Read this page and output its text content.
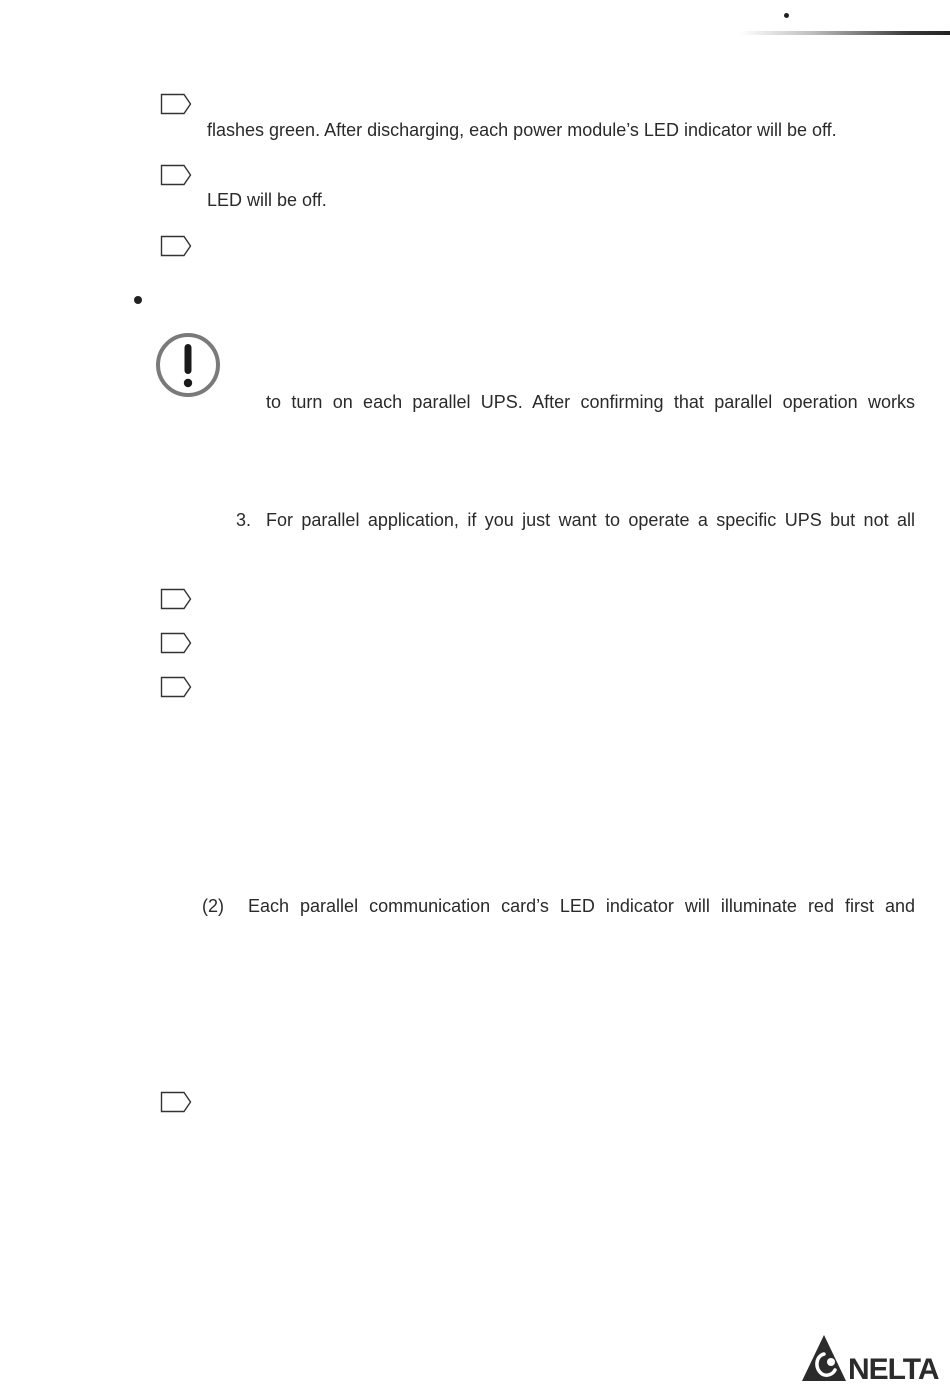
flashes green. After discharging, each power module’s LED indicator will be off.
LED will be off.
to turn on each parallel UPS. After confirming that parallel operation works
3. For parallel application, if you just want to operate a specific UPS but not all
(2) Each parallel communication card’s LED indicator will illuminate red first and
NELTA
